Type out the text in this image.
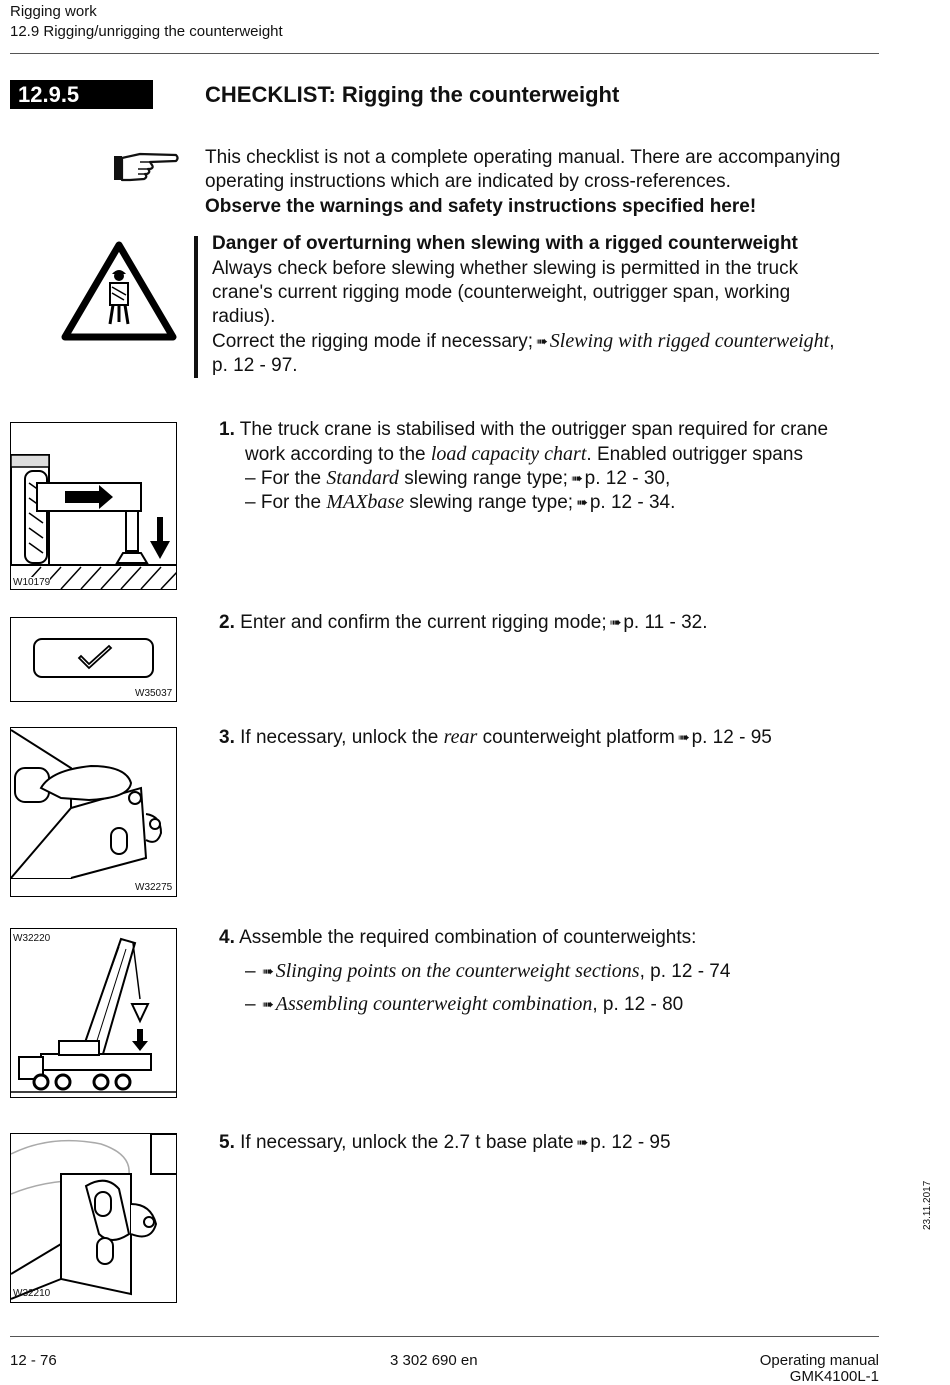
Rigging work
12.9 Rigging/unrigging the counterweight
12.9.5	CHECKLIST: Rigging the counterweight
This checklist is not a complete operating manual. There are accompanying
operating instructions which are indicated by cross-references.
Observe the warnings and safety instructions specified here!
Danger of overturning when slewing with a rigged counterweight
Always check before slewing whether slewing is permitted in the truck
crane's current rigging mode (counterweight, outrigger span, working
radius).
Correct the rigging mode if necessary; ➠ Slewing with rigged counterweight,
p. 12 - 97.
W10179
1. The truck crane is stabilised with the outrigger span required for crane
work according to the load capacity chart. Enabled outrigger spans
– For the Standard slewing range type; ➠ p. 12 - 30,
– For the MAXbase slewing range type; ➠ p. 12 - 34.
W35037
2. Enter and confirm the current rigging mode; ➠ p. 11 - 32.
W32275
3. If necessary, unlock the rear counterweight platform ➠ p. 12 - 95
W32220	4. Assemble the required combination of counterweights:
– ➠ Slinging points on the counterweight sections, p. 12 - 74
– ➠ Assembling counterweight combination, p. 12 - 80
W32210
5. If necessary, unlock the 2.7 t base plate ➠ p. 12 - 95
23.11.2017
12 - 76	3 302 690 en	Operating manual
GMK4100L-1
